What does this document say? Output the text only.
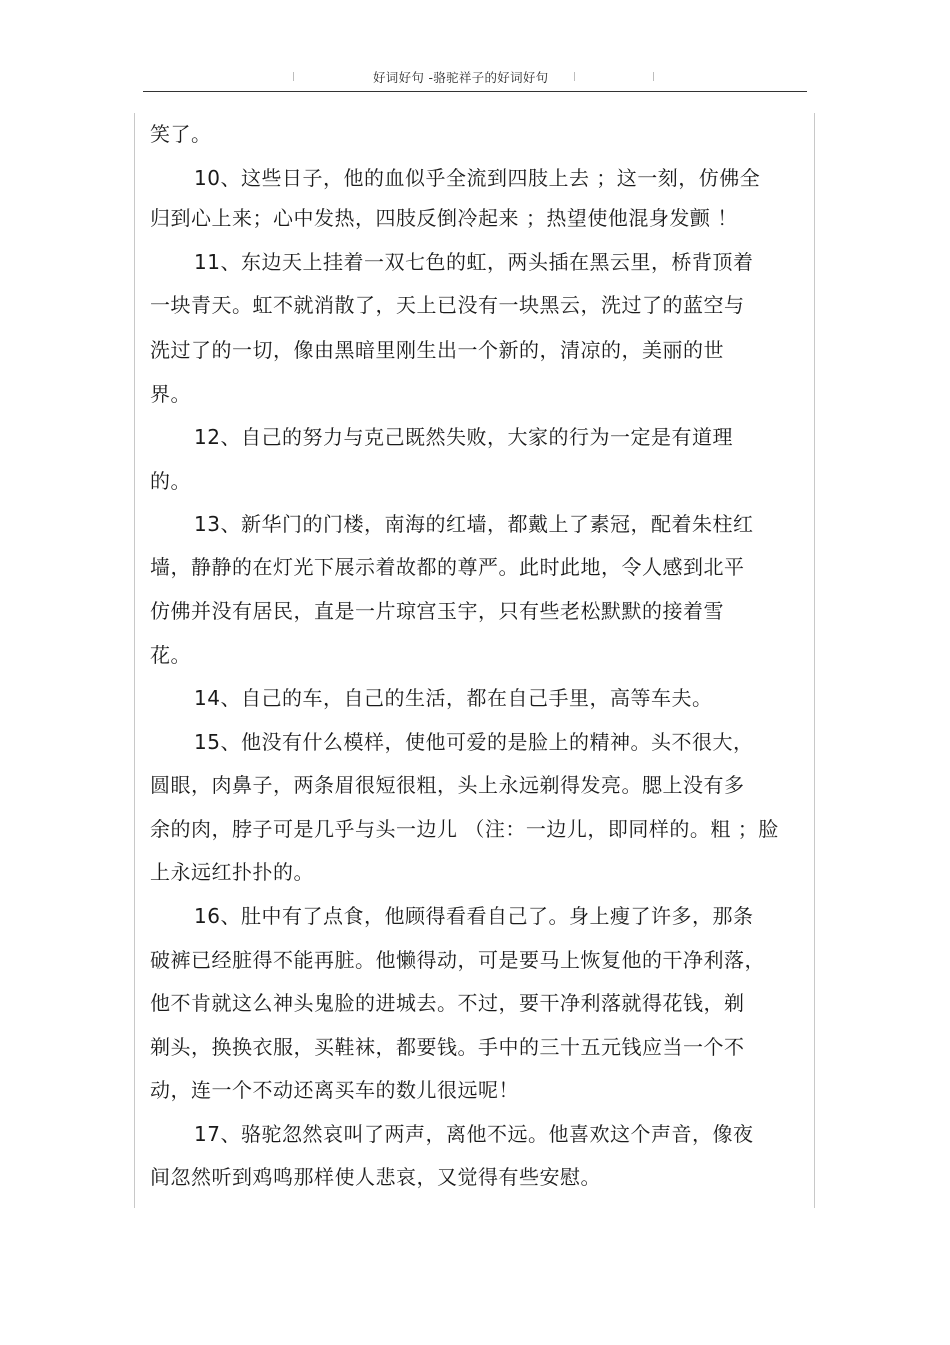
好词好句 -骆驼祥子的好词好句
笑了。
10、这些日子，他的血似乎全流到四肢上去 ；这一刻，仿佛全
归到心上来；心中发热，四肢反倒冷起来 ；热望使他混身发颤 ！
11、东边天上挂着一双七色的虹，两头插在黑云里，桥背顶着
一块青天。虹不就消散了，天上已没有一块黑云，洗过了的蓝空与
洗过了的一切，像由黑暗里刚生出一个新的，清凉的，美丽的世
界。
12、自己的努力与克己既然失败，大家的行为一定是有道理
的。
13、新华门的门楼，南海的红墙，都戴上了素冠，配着朱柱红
墙，静静的在灯光下展示着故都的尊严。此时此地，令人感到北平
仿佛并没有居民，直是一片琼宫玉宇，只有些老松默默的接着雪
花。
14、自己的车，自己的生活，都在自己手里，高等车夫。
15、他没有什么模样，使他可爱的是脸上的精神。头不很大，
圆眼，肉鼻子，两条眉很短很粗，头上永远剃得发亮。腮上没有多
余的肉，脖子可是几乎与头一边儿 （注：一边儿，即同样的。粗 ；脸
上永远红扑扑的。
16、肚中有了点食，他顾得看看自己了。身上瘦了许多，那条
破裤已经脏得不能再脏。他懒得动，可是要马上恢复他的干净利落，
他不肯就这么神头鬼脸的进城去。不过，要干净利落就得花钱，剃
剃头，换换衣服，买鞋袜，都要钱。手中的三十五元钱应当一个不
动，连一个不动还离买车的数儿很远呢！
17、骆驼忽然哀叫了两声，离他不远。他喜欢这个声音，像夜
间忽然听到鸡鸣那样使人悲哀，又觉得有些安慰。
